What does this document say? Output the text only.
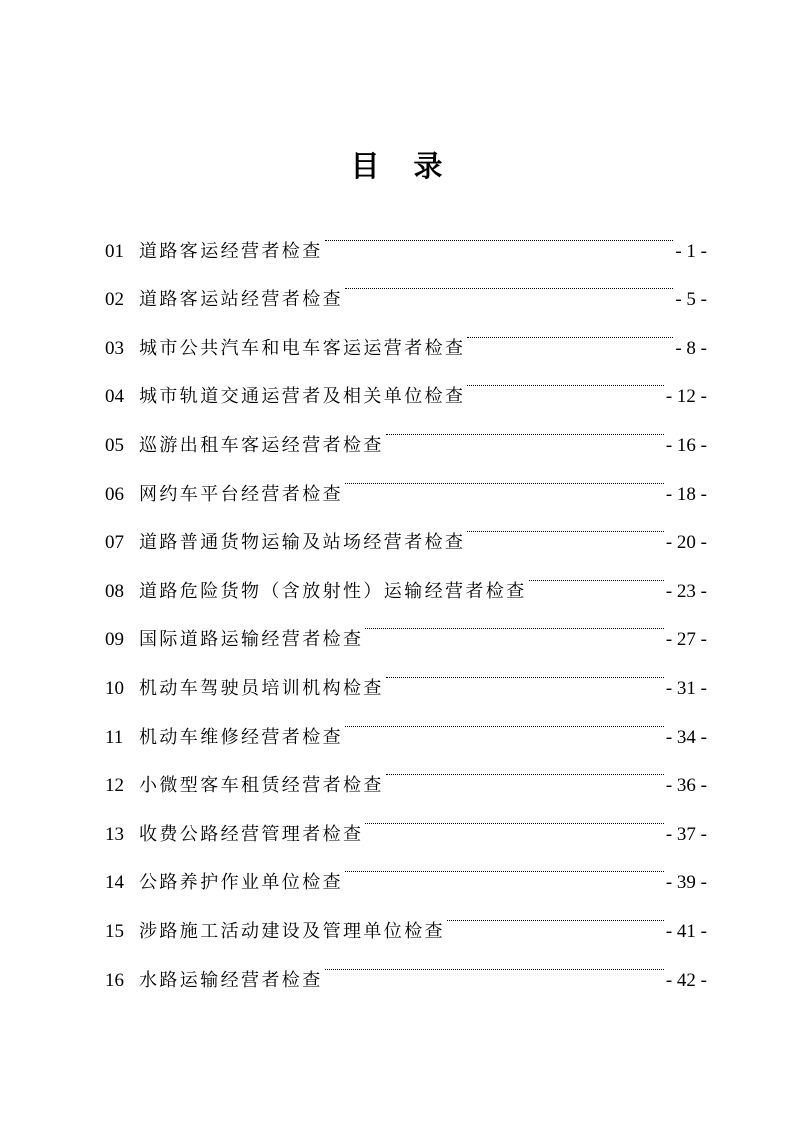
目 录
01 道路客运经营者检查	- 1 -
02 道路客运站经营者检查	- 5 -
03 城市公共汽车和电车客运运营者检查	- 8 -
04 城市轨道交通运营者及相关单位检查	- 12 -
05 巡游出租车客运经营者检查	- 16 -
06 网约车平台经营者检查	- 18 -
07 道路普通货物运输及站场经营者检查	- 20 -
08 道路危险货物（含放射性）运输经营者检查	- 23 -
09 国际道路运输经营者检查	- 27 -
10 机动车驾驶员培训机构检查	- 31 -
11 机动车维修经营者检查	- 34 -
12 小微型客车租赁经营者检查	- 36 -
13 收费公路经营管理者检查	- 37 -
14 公路养护作业单位检查	- 39 -
15 涉路施工活动建设及管理单位检查	- 41 -
16 水路运输经营者检查	- 42 -
